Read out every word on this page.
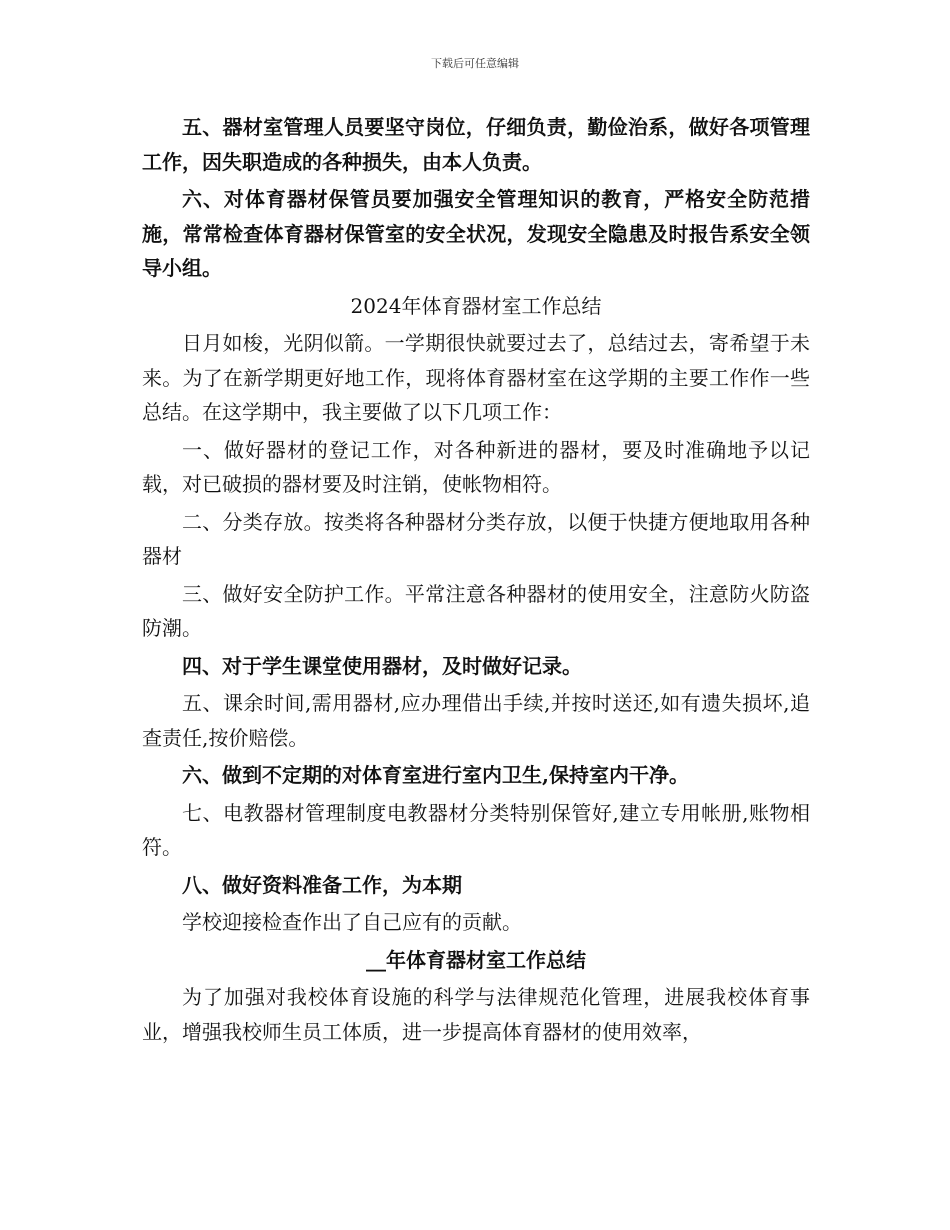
下载后可任意编辑

五、器材室管理人员要坚守岗位，仔细负责，勤俭治系，做好各项管理工作，因失职造成的各种损失，由本人负责。

六、对体育器材保管员要加强安全管理知识的教育，严格安全防范措施，常常检查体育器材保管室的安全状况，发现安全隐患及时报告系安全领导小组。

2024年体育器材室工作总结

日月如梭，光阴似箭。一学期很快就要过去了，总结过去，寄希望于未来。为了在新学期更好地工作，现将体育器材室在这学期的主要工作作一些总结。在这学期中，我主要做了以下几项工作：

一、做好器材的登记工作，对各种新进的器材，要及时准确地予以记载，对已破损的器材要及时注销，使帐物相符。

二、分类存放。按类将各种器材分类存放，以便于快捷方便地取用各种器材

三、做好安全防护工作。平常注意各种器材的使用安全，注意防火防盗防潮。

四、对于学生课堂使用器材，及时做好记录。

五、课余时间,需用器材,应办理借出手续,并按时送还,如有遗失损坏,追查责任,按价赔偿。

六、做到不定期的对体育室进行室内卫生,保持室内干净。

七、电教器材管理制度电教器材分类特别保管好,建立专用帐册,账物相符。

八、做好资料准备工作，为本期

学校迎接检查作出了自己应有的贡献。

__年体育器材室工作总结

为了加强对我校体育设施的科学与法律规范化管理，进展我校体育事业，增强我校师生员工体质，进一步提高体育器材的使用效率，
